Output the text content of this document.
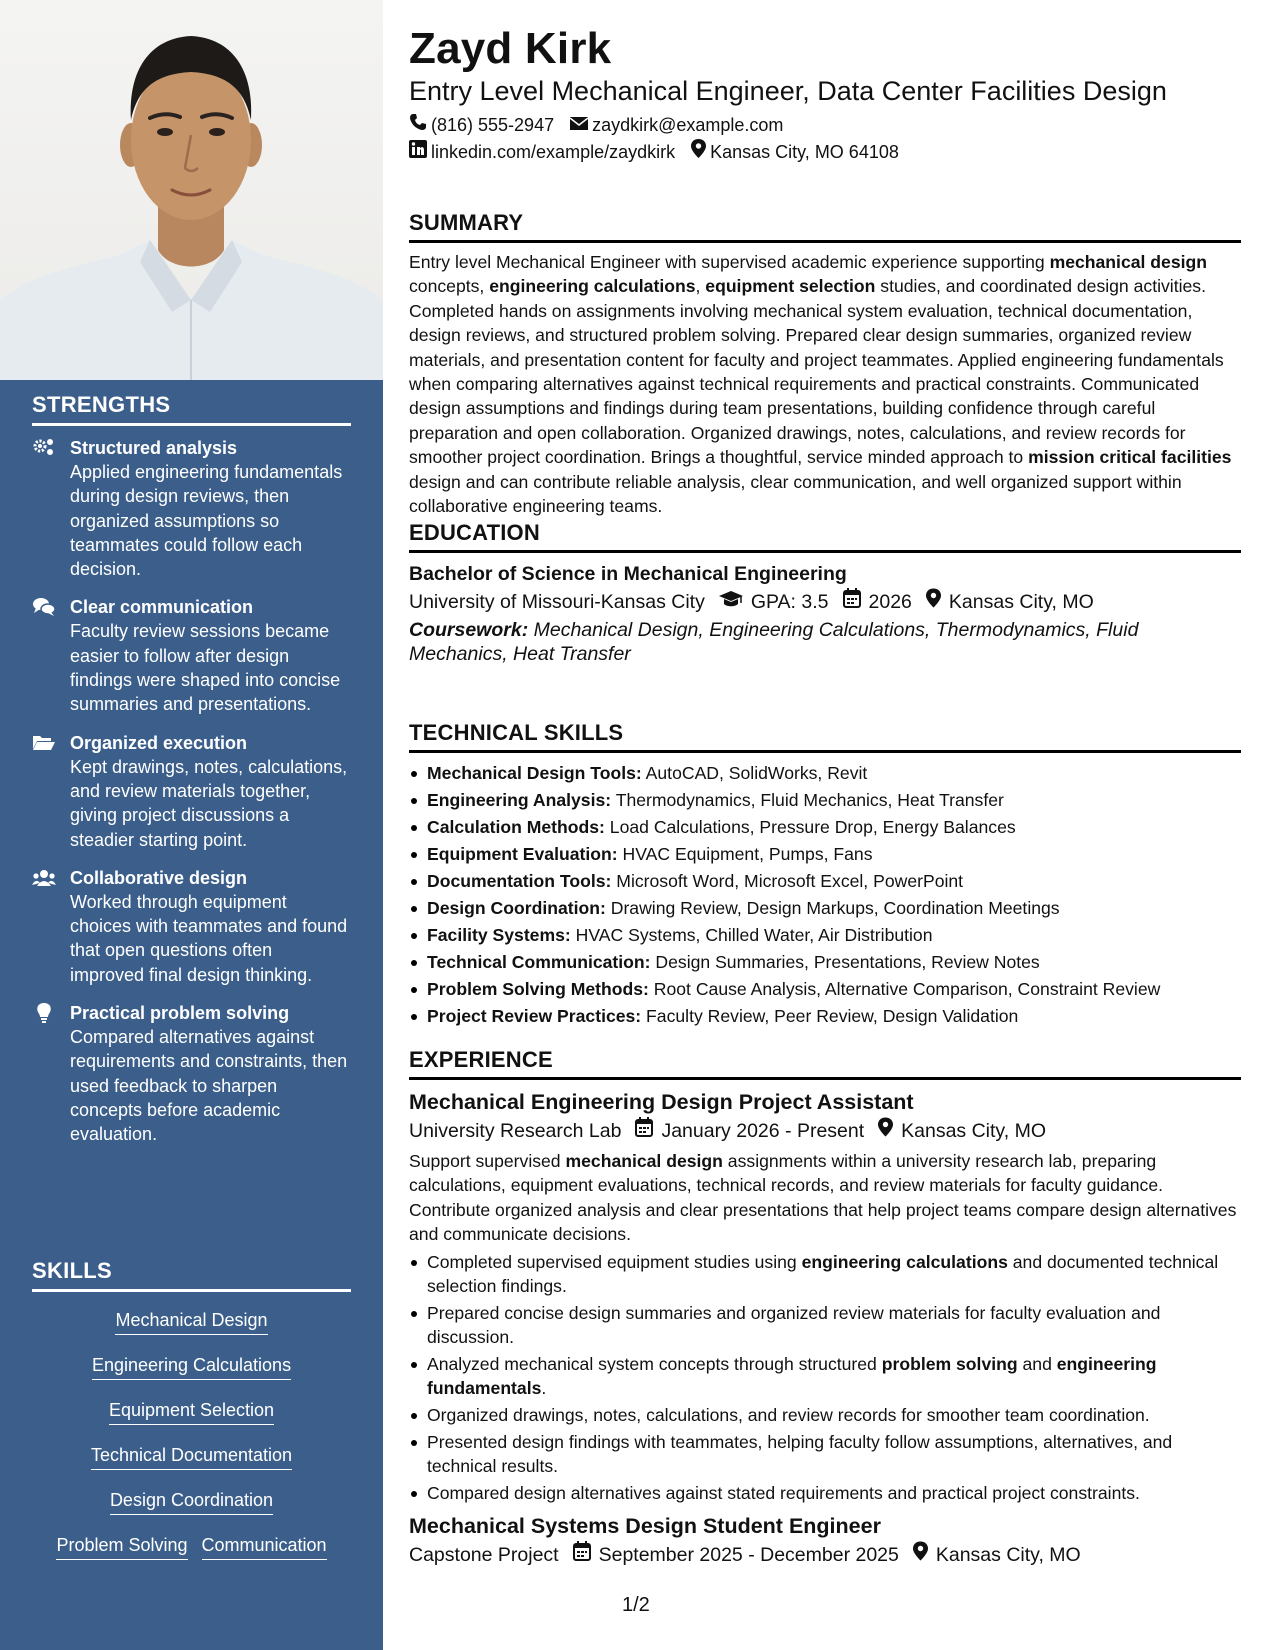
STRENGTHS
Structured analysis
Applied engineering fundamentals during design reviews, then organized assumptions so teammates could follow each decision.
Clear communication
Faculty review sessions became easier to follow after design findings were shaped into concise summaries and presentations.
Organized execution
Kept drawings, notes, calculations, and review materials together, giving project discussions a steadier starting point.
Collaborative design
Worked through equipment choices with teammates and found that open questions often improved final design thinking.
Practical problem solving
Compared alternatives against requirements and constraints, then used feedback to sharpen concepts before academic evaluation.
SKILLS
Mechanical Design
Engineering Calculations
Equipment Selection
Technical Documentation
Design Coordination
Problem Solving Communication
Zayd Kirk
Entry Level Mechanical Engineer, Data Center Facilities Design
(816) 555-2947 zaydkirk@example.com
linkedin.com/example/zaydkirk Kansas City, MO 64108
SUMMARY
Entry level Mechanical Engineer with supervised academic experience supporting mechanical design concepts, engineering calculations, equipment selection studies, and coordinated design activities. Completed hands on assignments involving mechanical system evaluation, technical documentation, design reviews, and structured problem solving. Prepared clear design summaries, organized review materials, and presentation content for faculty and project teammates. Applied engineering fundamentals when comparing alternatives against technical requirements and practical constraints. Communicated design assumptions and findings during team presentations, building confidence through careful preparation and open collaboration. Organized drawings, notes, calculations, and review records for smoother project coordination. Brings a thoughtful, service minded approach to mission critical facilities design and can contribute reliable analysis, clear communication, and well organized support within collaborative engineering teams.
EDUCATION
Bachelor of Science in Mechanical Engineering
University of Missouri-Kansas City GPA: 3.5 2026 Kansas City, MO
Coursework: Mechanical Design, Engineering Calculations, Thermodynamics, Fluid Mechanics, Heat Transfer
TECHNICAL SKILLS
Mechanical Design Tools: AutoCAD, SolidWorks, Revit
Engineering Analysis: Thermodynamics, Fluid Mechanics, Heat Transfer
Calculation Methods: Load Calculations, Pressure Drop, Energy Balances
Equipment Evaluation: HVAC Equipment, Pumps, Fans
Documentation Tools: Microsoft Word, Microsoft Excel, PowerPoint
Design Coordination: Drawing Review, Design Markups, Coordination Meetings
Facility Systems: HVAC Systems, Chilled Water, Air Distribution
Technical Communication: Design Summaries, Presentations, Review Notes
Problem Solving Methods: Root Cause Analysis, Alternative Comparison, Constraint Review
Project Review Practices: Faculty Review, Peer Review, Design Validation
EXPERIENCE
Mechanical Engineering Design Project Assistant
University Research Lab January 2026 - Present Kansas City, MO
Support supervised mechanical design assignments within a university research lab, preparing calculations, equipment evaluations, technical records, and review materials for faculty guidance. Contribute organized analysis and clear presentations that help project teams compare design alternatives and communicate decisions.
Completed supervised equipment studies using engineering calculations and documented technical selection findings.
Prepared concise design summaries and organized review materials for faculty evaluation and discussion.
Analyzed mechanical system concepts through structured problem solving and engineering fundamentals.
Organized drawings, notes, calculations, and review records for smoother team coordination.
Presented design findings with teammates, helping faculty follow assumptions, alternatives, and technical results.
Compared design alternatives against stated requirements and practical project constraints.
Mechanical Systems Design Student Engineer
Capstone Project September 2025 - December 2025 Kansas City, MO
1/2
